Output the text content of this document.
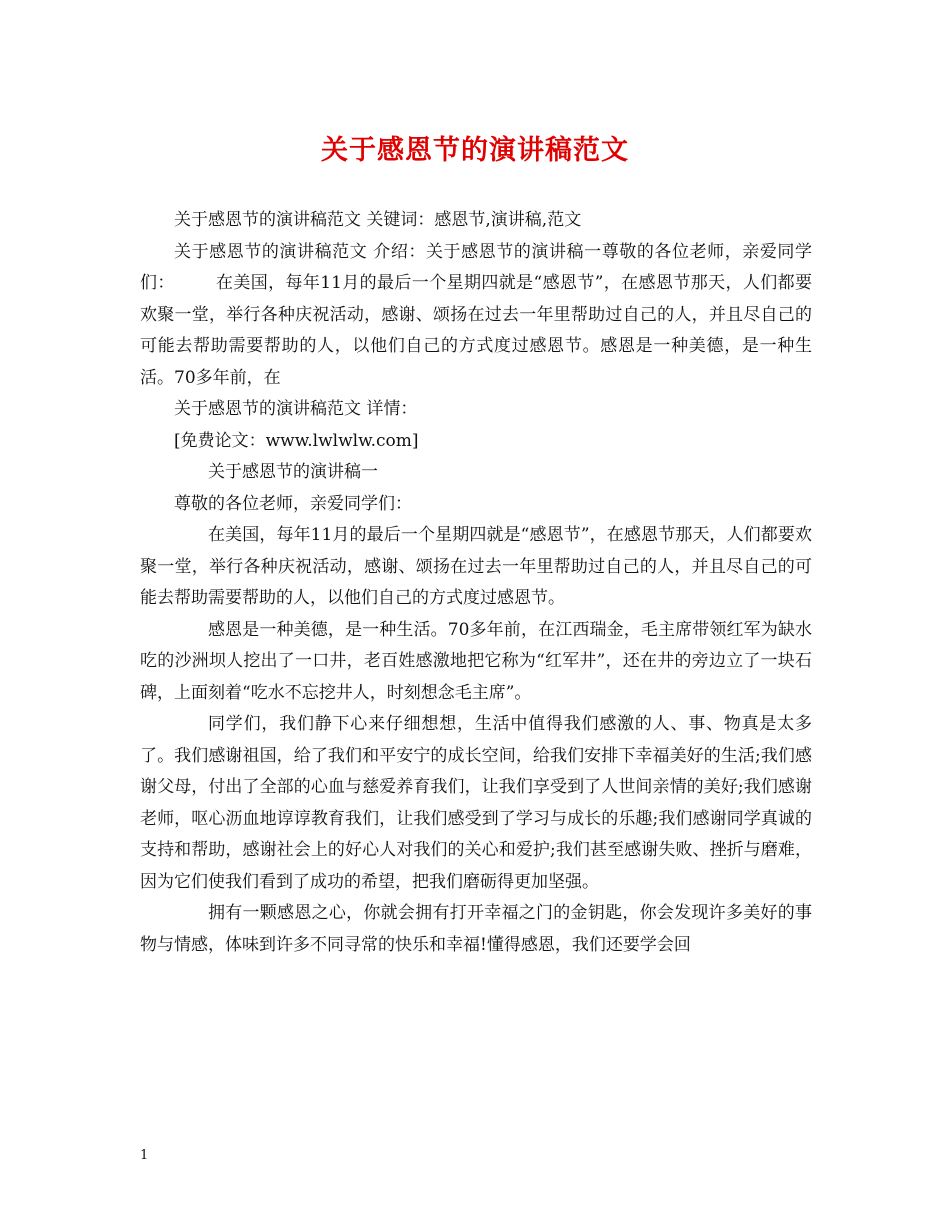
关于感恩节的演讲稿范文

关于感恩节的演讲稿范文 关键词：感恩节,演讲稿,范文

关于感恩节的演讲稿范文 介绍：关于感恩节的演讲稿一尊敬的各位老师，亲爱同学们： 在美国，每年11月的最后一个星期四就是“感恩节”，在感恩节那天，人们都要欢聚一堂，举行各种庆祝活动，感谢、颂扬在过去一年里帮助过自己的人，并且尽自己的可能去帮助需要帮助的人，以他们自己的方式度过感恩节。感恩是一种美德，是一种生活。70多年前，在

关于感恩节的演讲稿范文 详情：

[免费论文：www.lwlwlw.com]

关于感恩节的演讲稿一

尊敬的各位老师，亲爱同学们：

在美国，每年11月的最后一个星期四就是“感恩节”，在感恩节那天，人们都要欢聚一堂，举行各种庆祝活动，感谢、颂扬在过去一年里帮助过自己的人，并且尽自己的可能去帮助需要帮助的人，以他们自己的方式度过感恩节。

感恩是一种美德，是一种生活。70多年前，在江西瑞金，毛主席带领红军为缺水吃的沙洲坝人挖出了一口井，老百姓感激地把它称为“红军井”，还在井的旁边立了一块石碑，上面刻着“吃水不忘挖井人，时刻想念毛主席”。

同学们，我们静下心来仔细想想，生活中值得我们感激的人、事、物真是太多了。我们感谢祖国，给了我们和平安宁的成长空间，给我们安排下幸福美好的生活;我们感谢父母，付出了全部的心血与慈爱养育我们，让我们享受到了人世间亲情的美好;我们感谢老师，呕心沥血地谆谆教育我们，让我们感受到了学习与成长的乐趣;我们感谢同学真诚的支持和帮助，感谢社会上的好心人对我们的关心和爱护;我们甚至感谢失败、挫折与磨难，因为它们使我们看到了成功的希望，把我们磨砺得更加坚强。

拥有一颗感恩之心，你就会拥有打开幸福之门的金钥匙，你会发现许多美好的事物与情感，体味到许多不同寻常的快乐和幸福!懂得感恩，我们还要学会回

1
